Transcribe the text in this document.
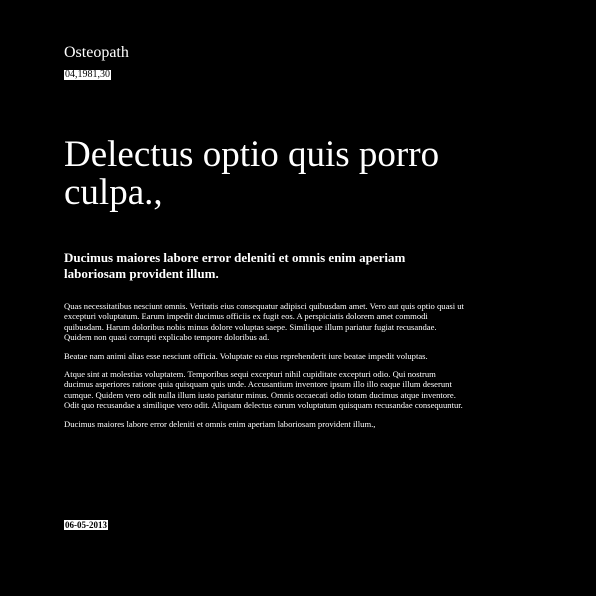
Osteopath
04,1981,30
Delectus optio quis porro culpa.,
Ducimus maiores labore error deleniti et omnis enim aperiam laboriosam provident illum.

Quas necessitatibus nesciunt omnis. Veritatis eius consequatur adipisci quibusdam amet. Vero aut quis optio quasi ut excepturi voluptatum. Earum impedit ducimus officiis ex fugit eos. A perspiciatis dolorem amet commodi quibusdam. Harum doloribus nobis minus dolore voluptas saepe. Similique illum pariatur fugiat recusandae. Quidem non quasi corrupti explicabo tempore doloribus ad.

Beatae nam animi alias esse nesciunt officia. Voluptate ea eius reprehenderit iure beatae impedit voluptas.

Atque sint at molestias voluptatem. Temporibus sequi excepturi nihil cupiditate excepturi odio. Qui nostrum ducimus asperiores ratione quia quisquam quis unde. Accusantium inventore ipsum illo illo eaque illum deserunt cumque. Quidem vero odit nulla illum iusto pariatur minus. Omnis occaecati odio totam ducimus atque inventore. Odit quo recusandae a similique vero odit. Aliquam delectus earum voluptatum quisquam recusandae consequuntur.

Ducimus maiores labore error deleniti et omnis enim aperiam laboriosam provident illum.,

06-05-2013
